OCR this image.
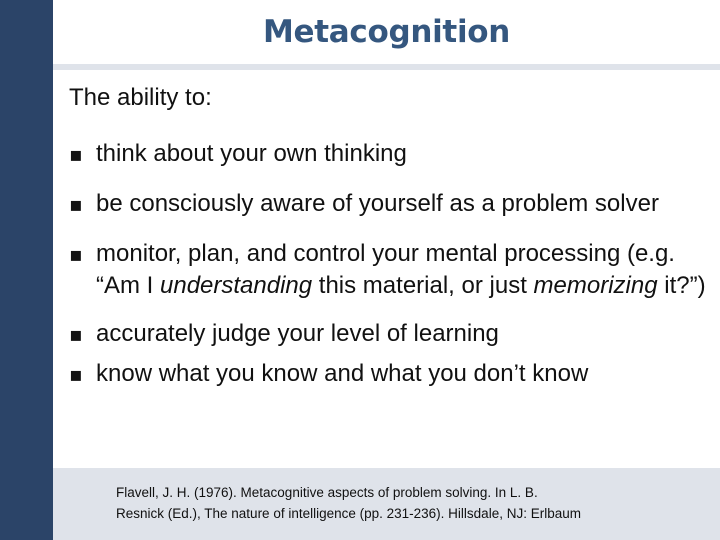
Metacognition

The ability to:

▪ think about your own thinking
▪ be consciously aware of yourself as a problem solver
▪ monitor, plan, and control your mental processing (e.g. “Am I understanding this material, or just memorizing it?”)
▪ accurately judge your level of learning
▪ know what you know and what you don’t know

Flavell, J. H. (1976). Metacognitive aspects of problem solving. In L. B.
Resnick (Ed.), The nature of intelligence (pp. 231-236). Hillsdale, NJ: Erlbaum
